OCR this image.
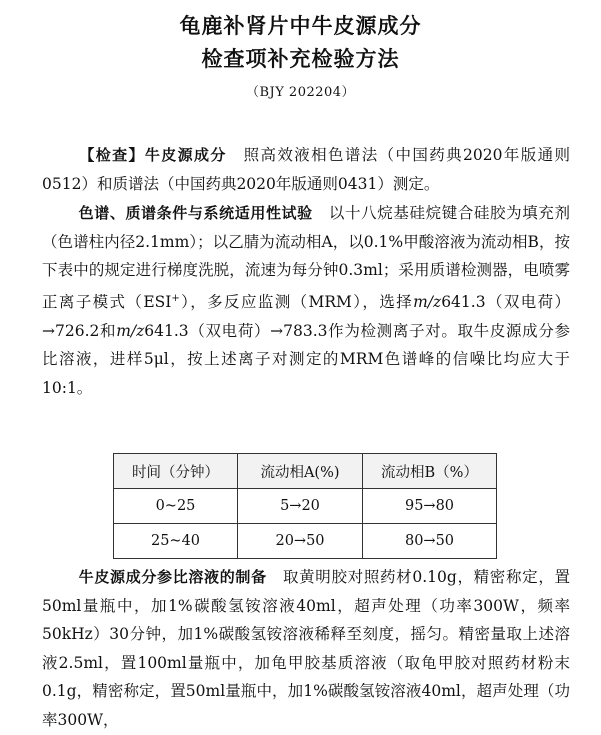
龟鹿补肾片中牛皮源成分
检查项补充检验方法
（BJY 202204）
【检查】牛皮源成分　 照高效液相色谱法（中国药典2020年版通则0512）和质谱法（中国药典2020年版通则0431）测定。
色谱、质谱条件与系统适用性试验　 以十八烷基硅烷键合硅胶为填充剂（色谱柱内径2.1mm）；以乙腈为流动相A，以0.1%甲酸溶液为流动相B，按下表中的规定进行梯度洗脱，流速为每分钟0.3ml；采用质谱检测器，电喷雾正离子模式（ESI+），多反应监测（MRM），选择m/z641.3（双电荷）→726.2和m/z641.3（双电荷）→783.3作为检测离子对。取牛皮源成分参比溶液，进样5μl，按上述离子对测定的MRM色谱峰的信噪比均应大于10:1。
时间（分钟）	流动相A(%)	流动相B（%）
0~25	5→20	95→80
25~40	20→50	80→50
牛皮源成分参比溶液的制备　 取黄明胶对照药材0.10g，精密称定，置50ml量瓶中，加1%碳酸氢铵溶液40ml，超声处理（功率300W，频率50kHz）30分钟，加1%碳酸氢铵溶液稀释至刻度，摇匀。精密量取上述溶液2.5ml，置100ml量瓶中，加龟甲胶基质溶液（取龟甲胶对照药材粉末0.1g，精密称定，置50ml量瓶中，加1%碳酸氢铵溶液40ml，超声处理（功率300W，
